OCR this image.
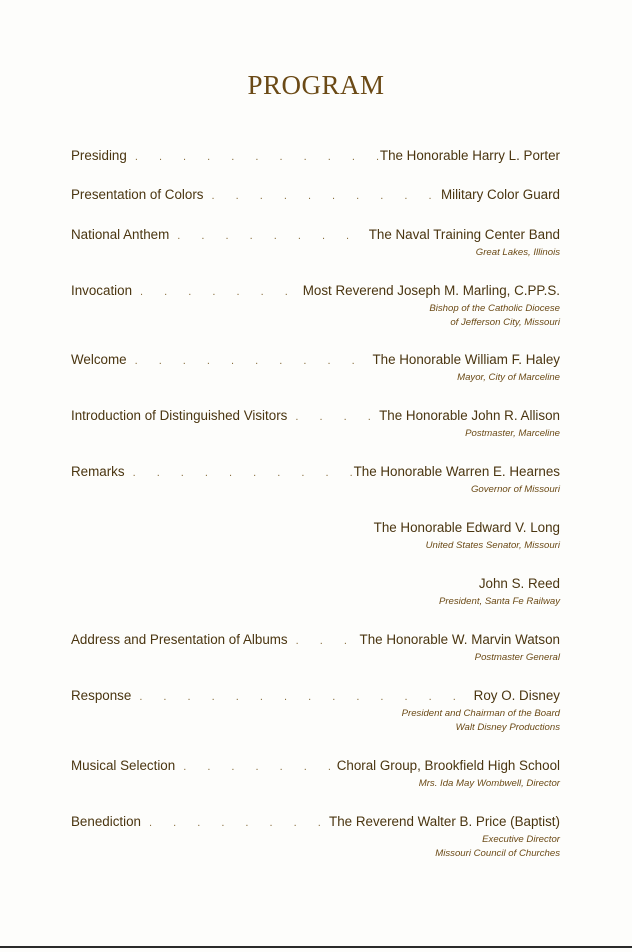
PROGRAM
Presiding . . .	The Honorable Harry L. Porter
Presentation of Colors . . .	Military Color Guard
National Anthem . . .	The Naval Training Center Band
Great Lakes, Illinois
Invocation . . .	Most Reverend Joseph M. Marling, C.PP.S.
Bishop of the Catholic Diocese
of Jefferson City, Missouri
Welcome . . .	The Honorable William F. Haley
Mayor, City of Marceline
Introduction of Distinguished Visitors . . .	The Honorable John R. Allison
Postmaster, Marceline
Remarks . . .	The Honorable Warren E. Hearnes
Governor of Missouri
The Honorable Edward V. Long
United States Senator, Missouri
John S. Reed
President, Santa Fe Railway
Address and Presentation of Albums . . .	The Honorable W. Marvin Watson
Postmaster General
Response . . .	Roy O. Disney
President and Chairman of the Board
Walt Disney Productions
Musical Selection . . .	Choral Group, Brookfield High School
Mrs. Ida May Wombwell, Director
Benediction . . .	The Reverend Walter B. Price (Baptist)
Executive Director
Missouri Council of Churches
